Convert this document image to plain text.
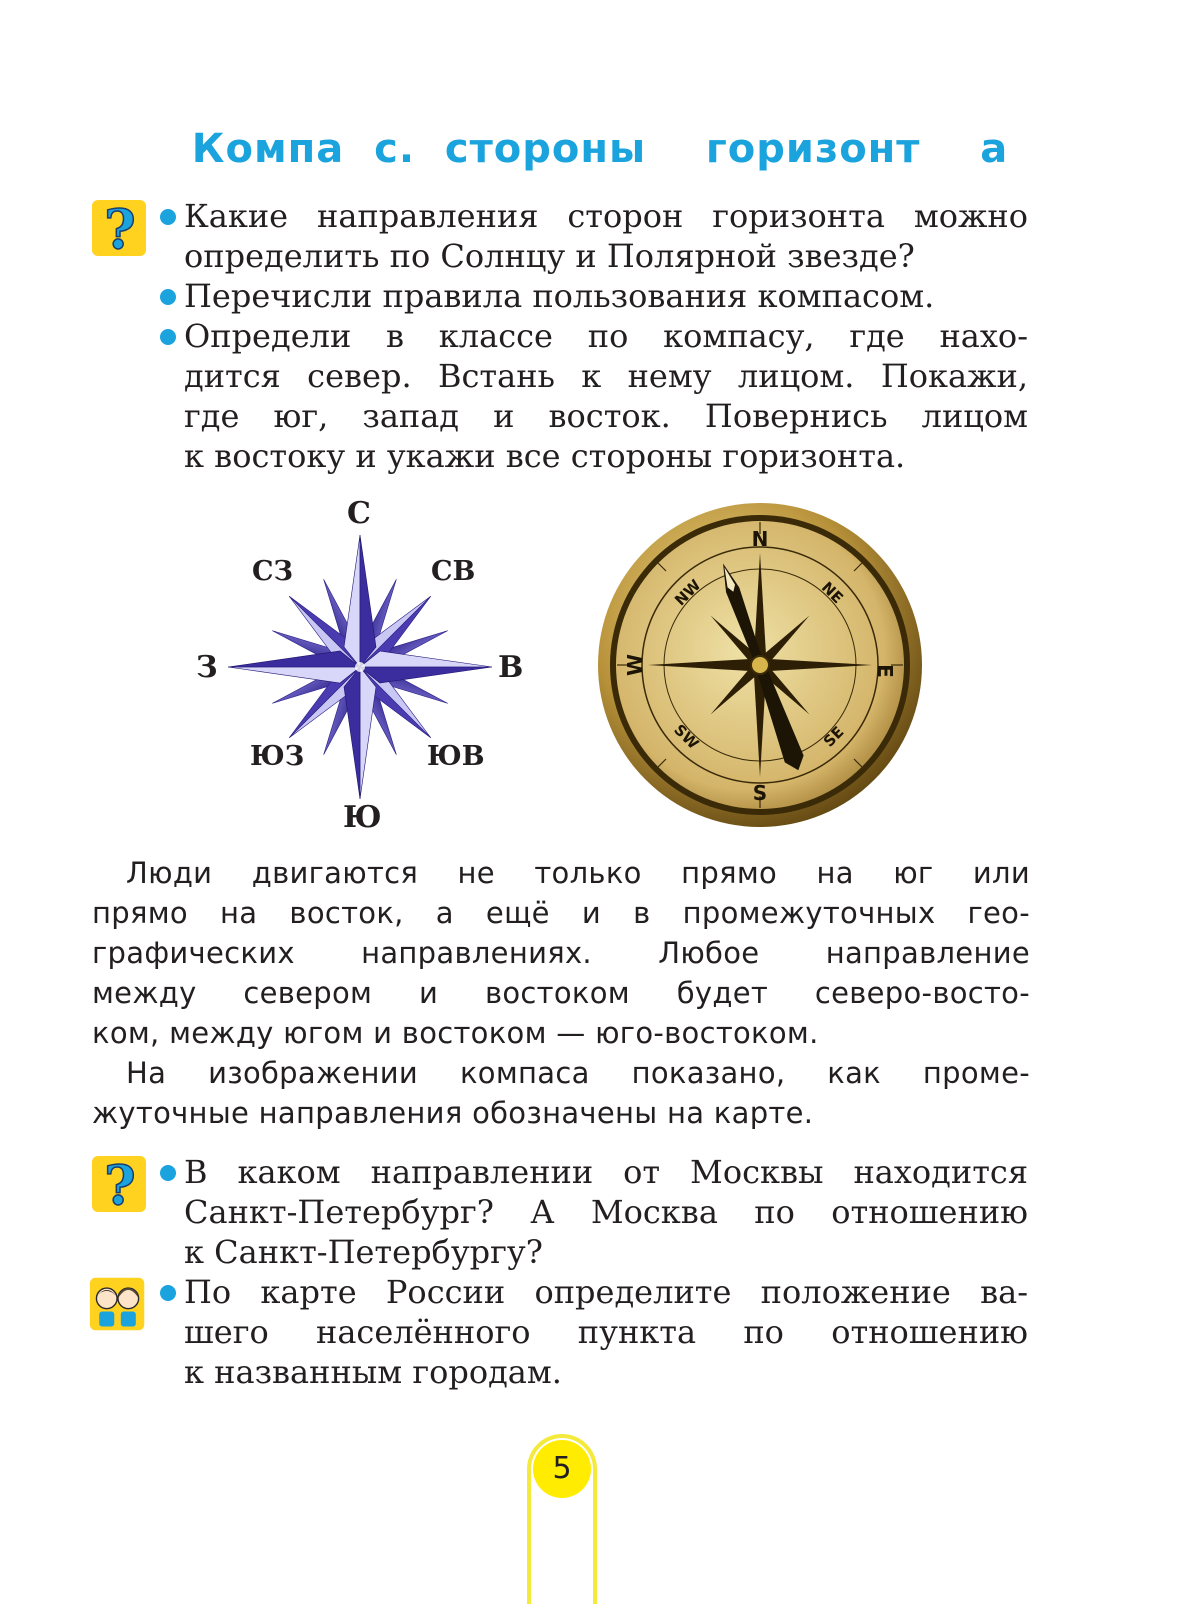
Компа  с.  стороны    горизонт    а
? Какие направления сторон горизонта можно
определить по Солнцу и Полярной звезде?
Перечисли правила пользования компасом.
Определи в классе по компасу, где нахо-
дится север. Встань к нему лицом. Покажи,
где юг, запад и восток. Повернись лицом
к востоку и укажи все стороны горизонта.
С
СВ
В
ЮВ
Ю
ЮЗ
З
СЗ
N
E
S
W
NE
SE
SW
NW
Люди двигаются не только прямо на юг или
прямо на восток, а ещё и в промежуточных гео-
графических направлениях. Любое направление
между севером и востоком будет северо-восто-
ком, между югом и востоком — юго-востоком.
На изображении компаса показано, как проме-
жуточные направления обозначены на карте.
? В каком направлении от Москвы находится
Санкт-Петербург? А Москва по отношению
к Санкт-Петербургу?
По карте России определите положение ва-
шего населённого пункта по отношению
к названным городам.
5
